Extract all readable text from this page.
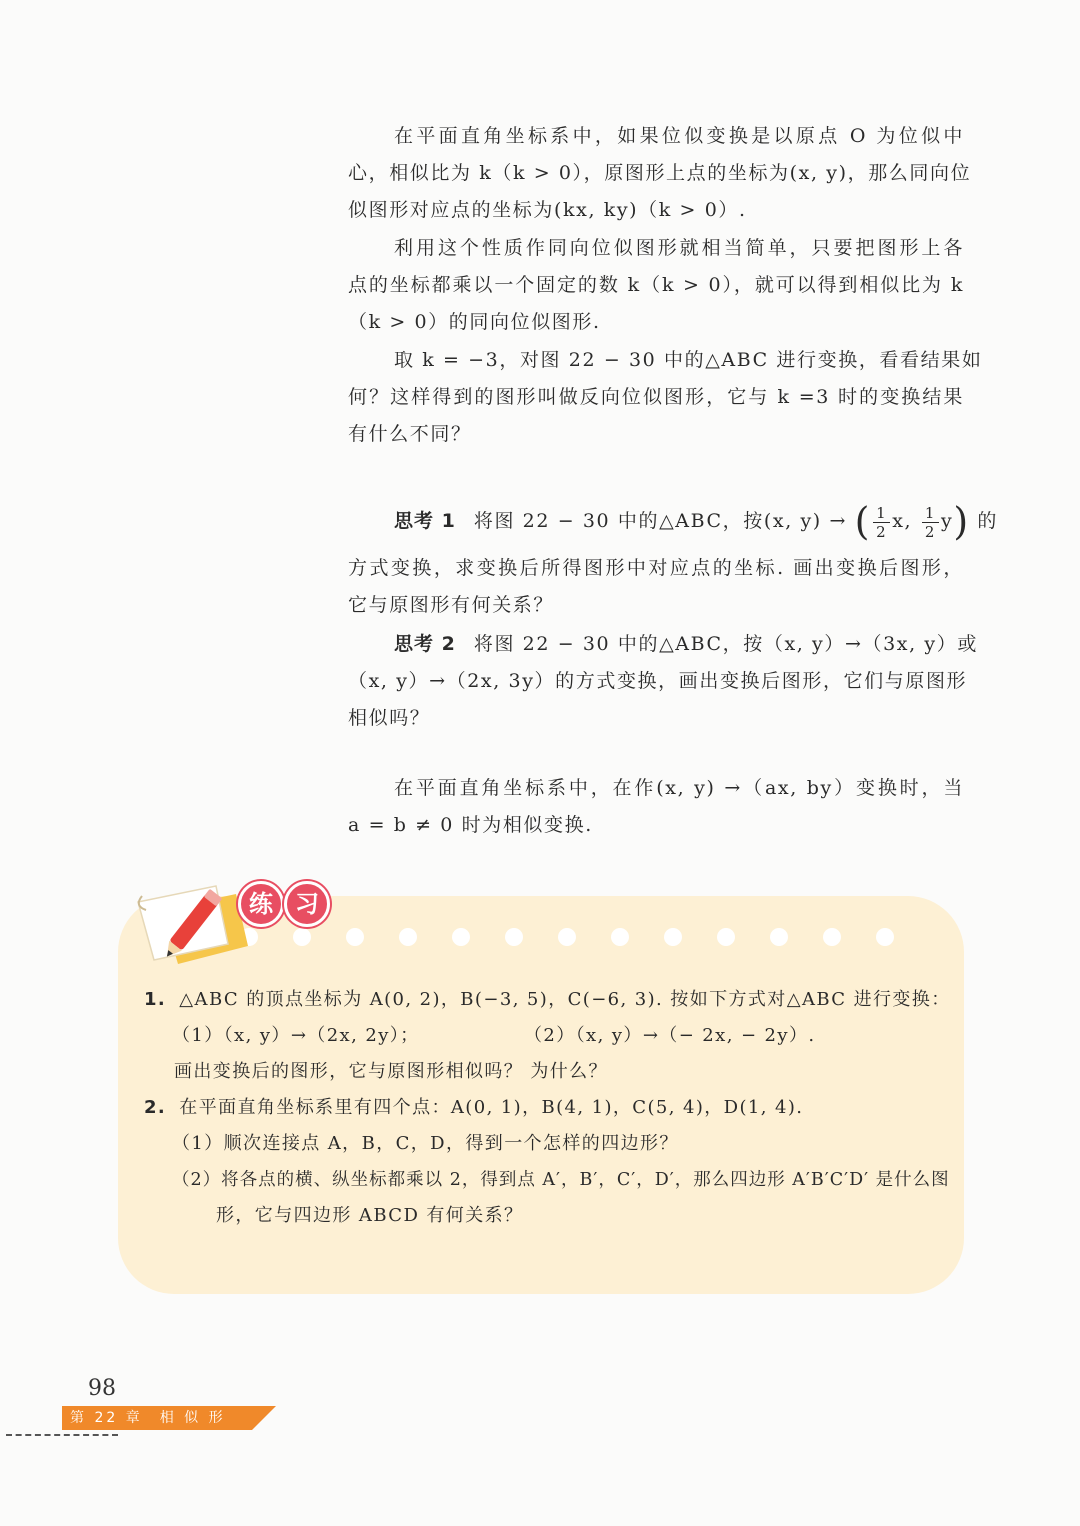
在平面直角坐标系中，如果位似变换是以原点 O 为位似中
心，相似比为 k（k > 0），原图形上点的坐标为(x, y)，那么同向位
似图形对应点的坐标为(kx, ky)（k > 0）.
利用这个性质作同向位似图形就相当简单，只要把图形上各
点的坐标都乘以一个固定的数 k（k > 0），就可以得到相似比为 k
（k > 0）的同向位似图形.
取 k = −3，对图 22 − 30 中的△ABC 进行变换，看看结果如
何？这样得到的图形叫做反向位似图形，它与 k =3 时的变换结果
有什么不同？
思考 1 将图 22 − 30 中的△ABC，按(x, y) → ( $\frac{1}{2} x$, $\frac{1}{2} y$) 的
方式变换，求变换后所得图形中对应点的坐标. 画出变换后图形，
它与原图形有何关系？
思考 2 将图 22 − 30 中的△ABC，按（x, y）→（3x, y）或
（x, y）→（2x, 3y）的方式变换，画出变换后图形，它们与原图形
相似吗？
在平面直角坐标系中，在作(x, y) →（ax, by）变换时，当
a = b ≠ 0 时为相似变换.
练 习
1. △ABC 的顶点坐标为 A(0, 2)，B(−3, 5)，C(−6, 3). 按如下方式对△ABC 进行变换：
（1）（x, y）→（2x, 2y）；	（2）（x, y）→（− 2x, − 2y）.
画出变换后的图形，它与原图形相似吗？ 为什么？
2. 在平面直角坐标系里有四个点：A(0, 1)，B(4, 1)，C(5, 4)，D(1, 4).
（1）顺次连接点 A，B，C，D，得到一个怎样的四边形？
（2）将各点的横、纵坐标都乘以 2，得到点 A′，B′，C′，D′，那么四边形 A′B′C′D′ 是什么图
形，它与四边形 ABCD 有何关系？
98
第 22 章　相 似 形
